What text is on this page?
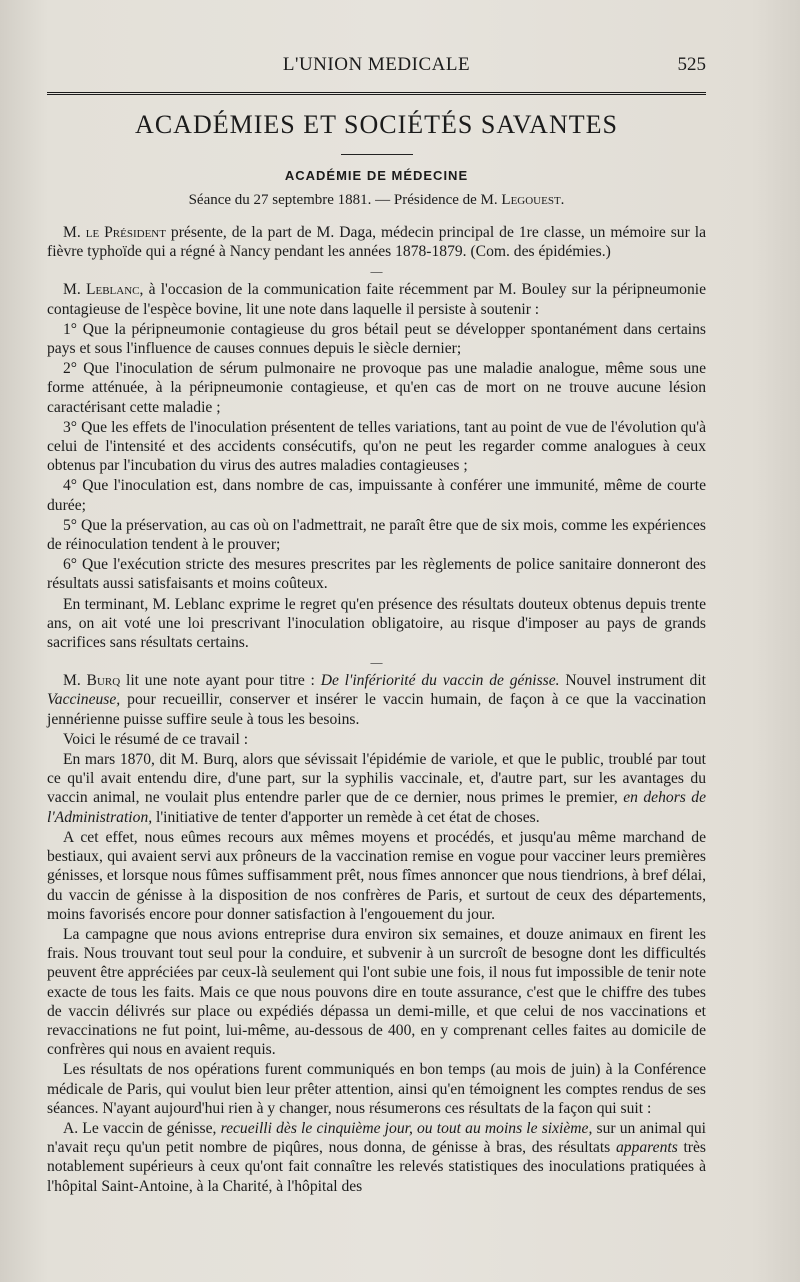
L'UNION MEDICALE	525
ACADÉMIES ET SOCIÉTÉS SAVANTES
ACADÉMIE DE MÉDECINE
Séance du 27 septembre 1881. — Présidence de M. Legouest.

M. le Président présente, de la part de M. Daga, médecin principal de 1re classe, un mémoire sur la fièvre typhoïde qui a régné à Nancy pendant les années 1878-1879. (Com. des épidémies.)

—

M. Leblanc, à l'occasion de la communication faite récemment par M. Bouley sur la péripneumonie contagieuse de l'espèce bovine, lit une note dans laquelle il persiste à soutenir :

1° Que la péripneumonie contagieuse du gros bétail peut se développer spontanément dans certains pays et sous l'influence de causes connues depuis le siècle dernier;

2° Que l'inoculation de sérum pulmonaire ne provoque pas une maladie analogue, même sous une forme atténuée, à la péripneumonie contagieuse, et qu'en cas de mort on ne trouve aucune lésion caractérisant cette maladie ;

3° Que les effets de l'inoculation présentent de telles variations, tant au point de vue de l'évolution qu'à celui de l'intensité et des accidents consécutifs, qu'on ne peut les regarder comme analogues à ceux obtenus par l'incubation du virus des autres maladies contagieuses ;

4° Que l'inoculation est, dans nombre de cas, impuissante à conférer une immunité, même de courte durée;

5° Que la préservation, au cas où on l'admettrait, ne paraît être que de six mois, comme les expériences de réinoculation tendent à le prouver;

6° Que l'exécution stricte des mesures prescrites par les règlements de police sanitaire donneront des résultats aussi satisfaisants et moins coûteux.

En terminant, M. Leblanc exprime le regret qu'en présence des résultats douteux obtenus depuis trente ans, on ait voté une loi prescrivant l'inoculation obligatoire, au risque d'imposer au pays de grands sacrifices sans résultats certains.

—

M. Burq lit une note ayant pour titre : De l'infériorité du vaccin de génisse. Nouvel instrument dit Vaccineuse, pour recueillir, conserver et insérer le vaccin humain, de façon à ce que la vaccination jennérienne puisse suffire seule à tous les besoins.

Voici le résumé de ce travail :

En mars 1870, dit M. Burq, alors que sévissait l'épidémie de variole, et que le public, troublé par tout ce qu'il avait entendu dire, d'une part, sur la syphilis vaccinale, et, d'autre part, sur les avantages du vaccin animal, ne voulait plus entendre parler que de ce dernier, nous primes le premier, en dehors de l'Administration, l'initiative de tenter d'apporter un remède à cet état de choses.

A cet effet, nous eûmes recours aux mêmes moyens et procédés, et jusqu'au même marchand de bestiaux, qui avaient servi aux prôneurs de la vaccination remise en vogue pour vacciner leurs premières génisses, et lorsque nous fûmes suffisamment prêt, nous fîmes annoncer que nous tiendrions, à bref délai, du vaccin de génisse à la disposition de nos confrères de Paris, et surtout de ceux des départements, moins favorisés encore pour donner satisfaction à l'engouement du jour.

La campagne que nous avions entreprise dura environ six semaines, et douze animaux en firent les frais. Nous trouvant tout seul pour la conduire, et subvenir à un surcroît de besogne dont les difficultés peuvent être appréciées par ceux-là seulement qui l'ont subie une fois, il nous fut impossible de tenir note exacte de tous les faits. Mais ce que nous pouvons dire en toute assurance, c'est que le chiffre des tubes de vaccin délivrés sur place ou expédiés dépassa un demi-mille, et que celui de nos vaccinations et revaccinations ne fut point, lui-même, au-dessous de 400, en y comprenant celles faites au domicile de confrères qui nous en avaient requis.

Les résultats de nos opérations furent communiqués en bon temps (au mois de juin) à la Conférence médicale de Paris, qui voulut bien leur prêter attention, ainsi qu'en témoignent les comptes rendus de ses séances. N'ayant aujourd'hui rien à y changer, nous résumerons ces résultats de la façon qui suit :

A. Le vaccin de génisse, recueilli dès le cinquième jour, ou tout au moins le sixième, sur un animal qui n'avait reçu qu'un petit nombre de piqûres, nous donna, de génisse à bras, des résultats apparents très notablement supérieurs à ceux qu'ont fait connaître les relevés statistiques des inoculations pratiquées à l'hôpital Saint-Antoine, à la Charité, à l'hôpital des
